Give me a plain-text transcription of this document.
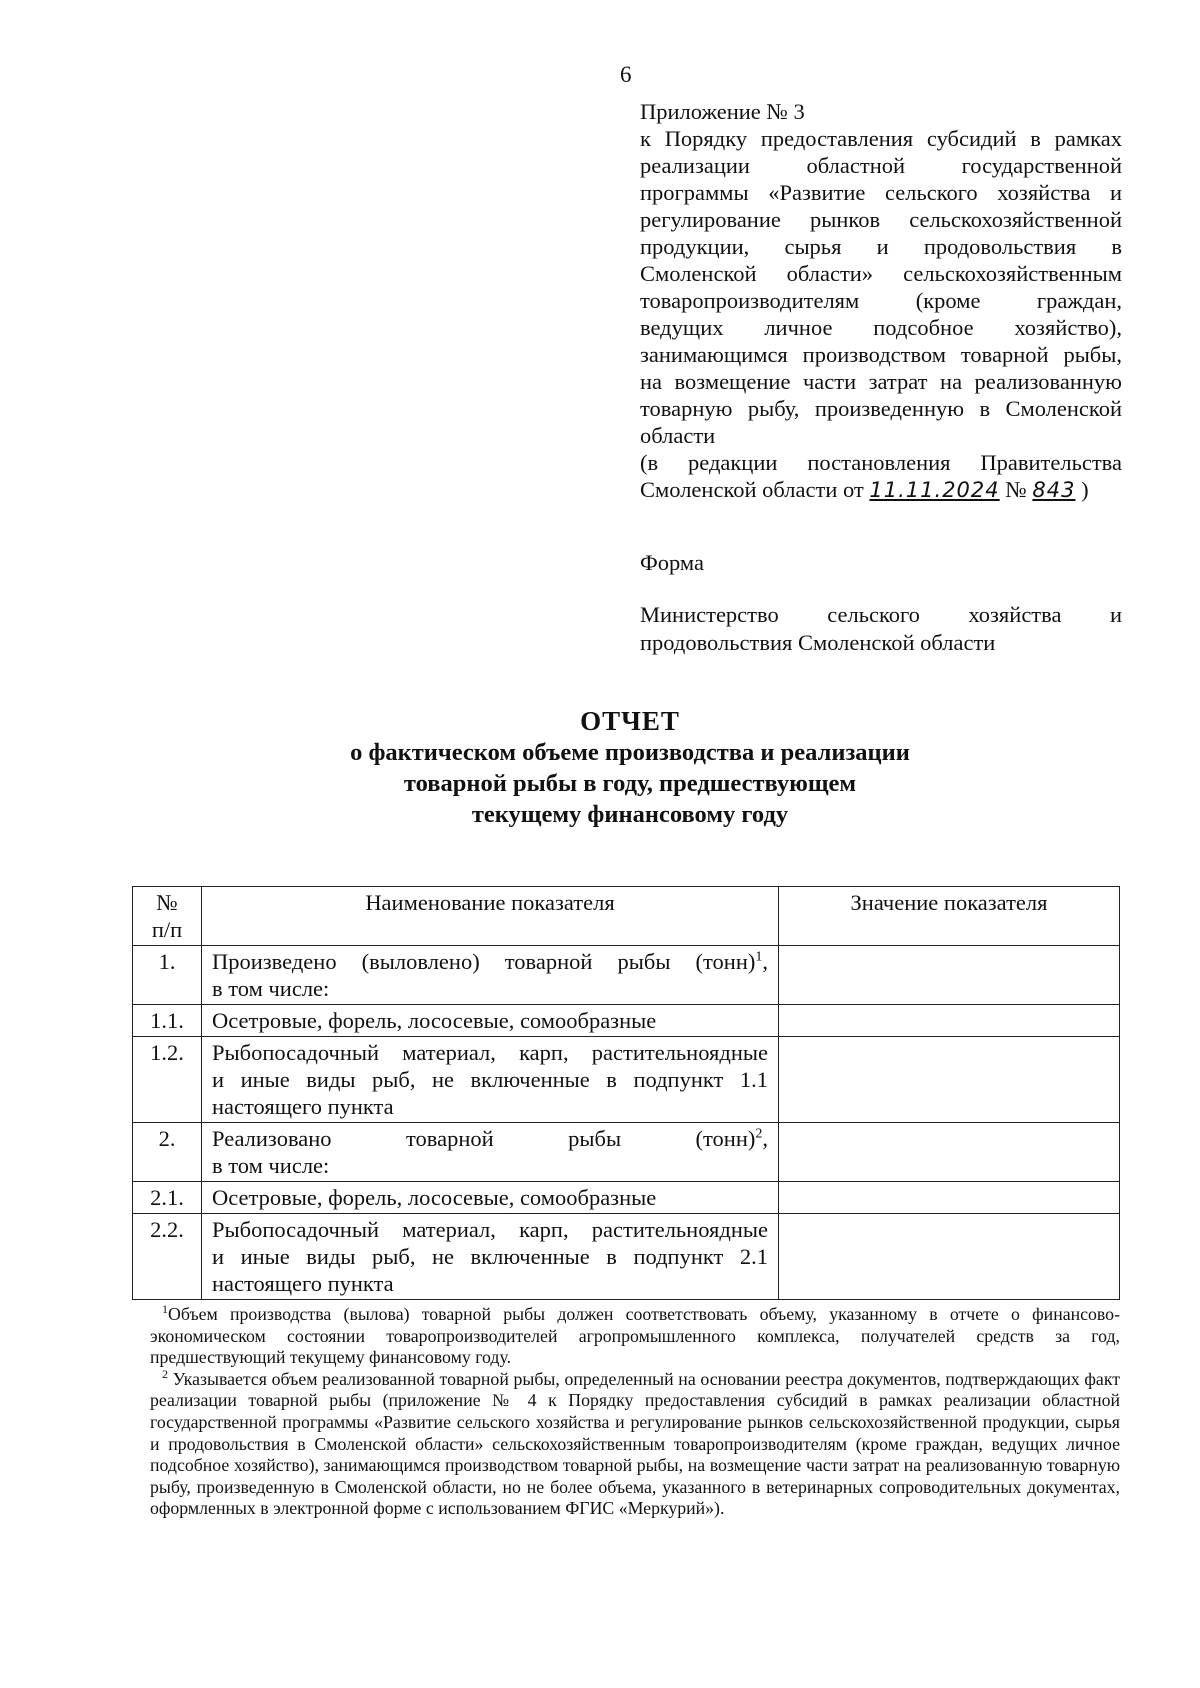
6
Приложение № 3
к Порядку предоставления субсидий в рамках
реализации областной государственной
программы «Развитие сельского хозяйства и
регулирование рынков сельскохозяйственной
продукции, сырья и продовольствия в
Смоленской области» сельскохозяйственным
товаропроизводителям (кроме граждан,
ведущих личное подсобное хозяйство),
занимающимся производством товарной рыбы,
на возмещение части затрат на реализованную
товарную рыбу, произведенную в Смоленской
области
(в редакции постановления Правительства
Смоленской области от 11.11.2024 № 843 )
Форма
Министерство сельского хозяйства и
продовольствия Смоленской области
ОТЧЕТ
о фактическом объеме производства и реализации
товарной рыбы в году, предшествующем
текущему финансовому году
№
п/п	Наименование показателя	Значение показателя
1.	Произведено (выловлено) товарной рыбы (тонн)$^1$,
в том числе:	
1.1.	Осетровые, форель, лососевые, сомообразные	
1.2.	Рыбопосадочный материал, карп, растительноядные
и иные виды рыб, не включенные в подпункт 1.1
настоящего пункта	
2.	Реализовано товарной рыбы (тонн)$^2$,
в том числе:	
2.1.	Осетровые, форель, лососевые, сомообразные	
2.2.	Рыбопосадочный материал, карп, растительноядные
и иные виды рыб, не включенные в подпункт 2.1
настоящего пункта	

$^1$Объем производства (вылова) товарной рыбы должен соответствовать объему, указанному в отчете о финансово-экономическом состоянии товаропроизводителей агропромышленного комплекса, получателей средств за год, предшествующий текущему финансовому году.

$^2$ Указывается объем реализованной товарной рыбы, определенный на основании реестра документов, подтверждающих факт реализации товарной рыбы (приложение № 4 к Порядку предоставления субсидий в рамках реализации областной государственной программы «Развитие сельского хозяйства и регулирование рынков сельскохозяйственной продукции, сырья и продовольствия в Смоленской области» сельскохозяйственным товаропроизводителям (кроме граждан, ведущих личное подсобное хозяйство), занимающимся производством товарной рыбы, на возмещение части затрат на реализованную товарную рыбу, произведенную в Смоленской области, но не более объема, указанного в ветеринарных сопроводительных документах, оформленных в электронной форме с использованием ФГИС «Меркурий»).
